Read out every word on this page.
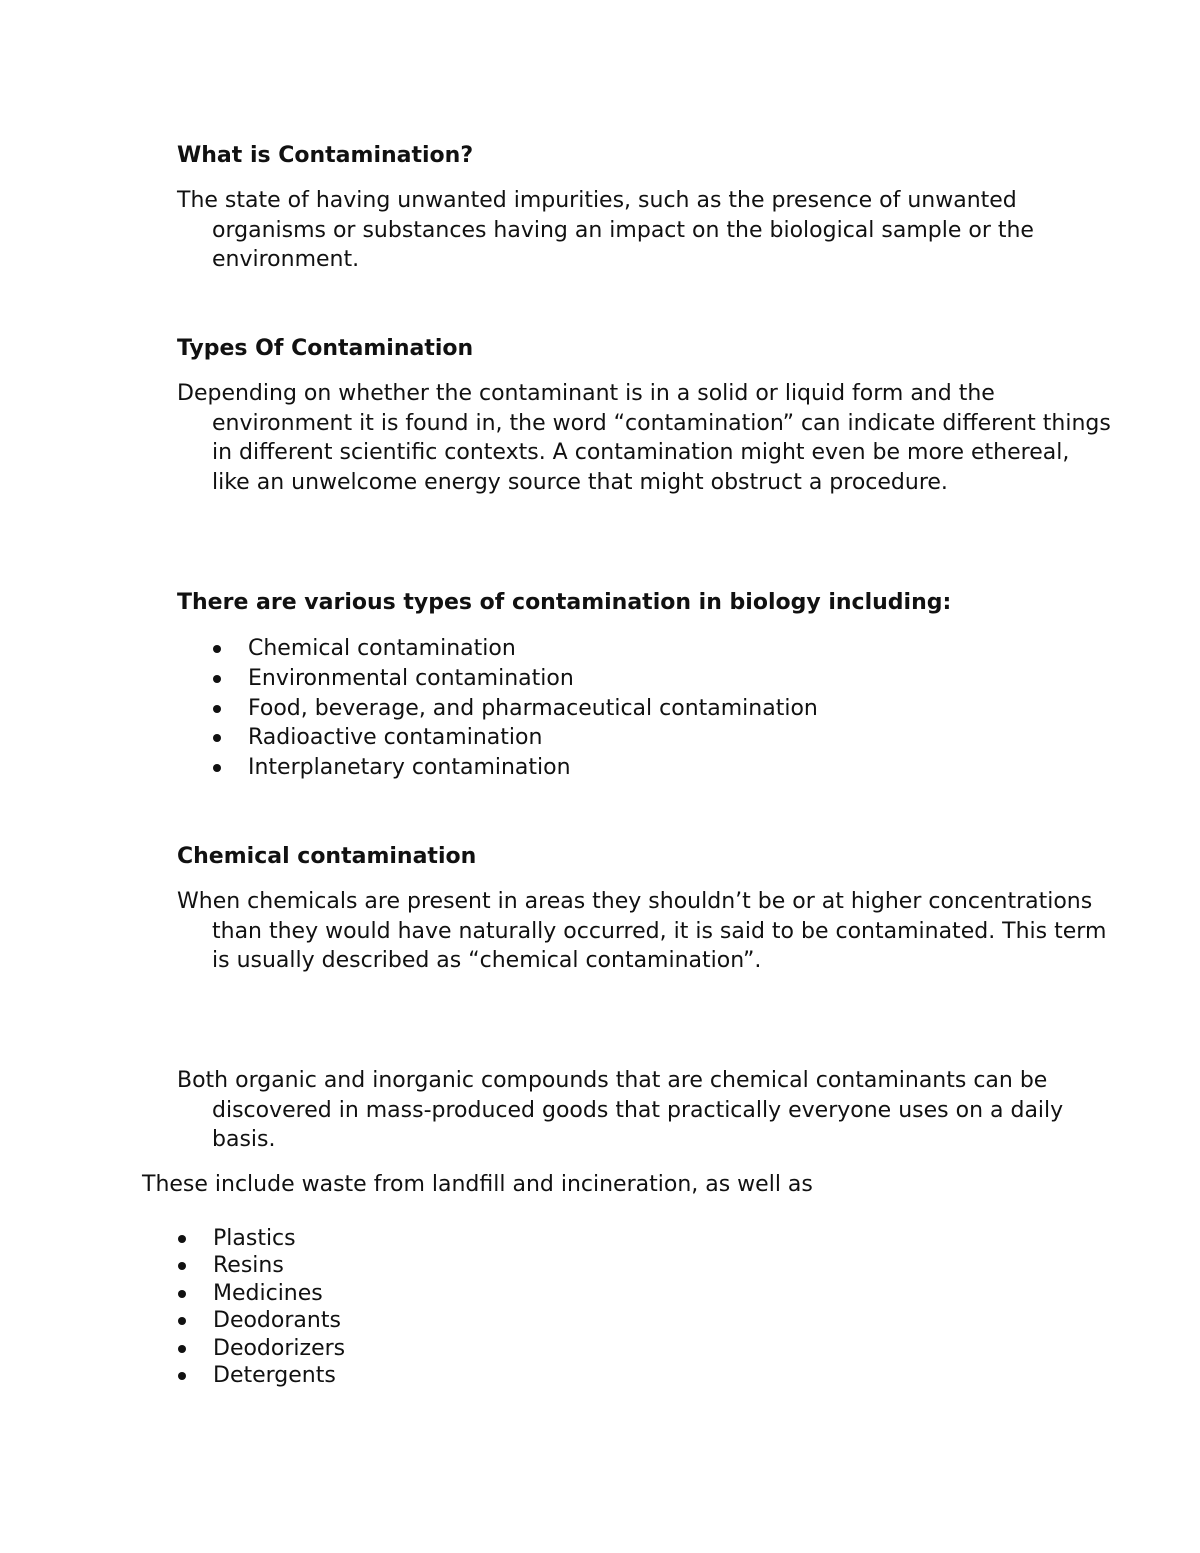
What is Contamination?

The state of having unwanted impurities, such as the presence of unwanted organisms or substances having an impact on the biological sample or the environment.

Types Of Contamination

Depending on whether the contaminant is in a solid or liquid form and the environment it is found in, the word “contamination” can indicate different things in different scientific contexts. A contamination might even be more ethereal, like an unwelcome energy source that might obstruct a procedure.

There are various types of contamination in biology including:
Chemical contamination
Environmental contamination
Food, beverage, and pharmaceutical contamination
Radioactive contamination
Interplanetary contamination
Chemical contamination

When chemicals are present in areas they shouldn’t be or at higher concentrations than they would have naturally occurred, it is said to be contaminated. This term is usually described as “chemical contamination”.

Both organic and inorganic compounds that are chemical contaminants can be discovered in mass-produced goods that practically everyone uses on a daily basis.

These include waste from landfill and incineration, as well as

Plastics
Resins
Medicines
Deodorants
Deodorizers
Detergents
